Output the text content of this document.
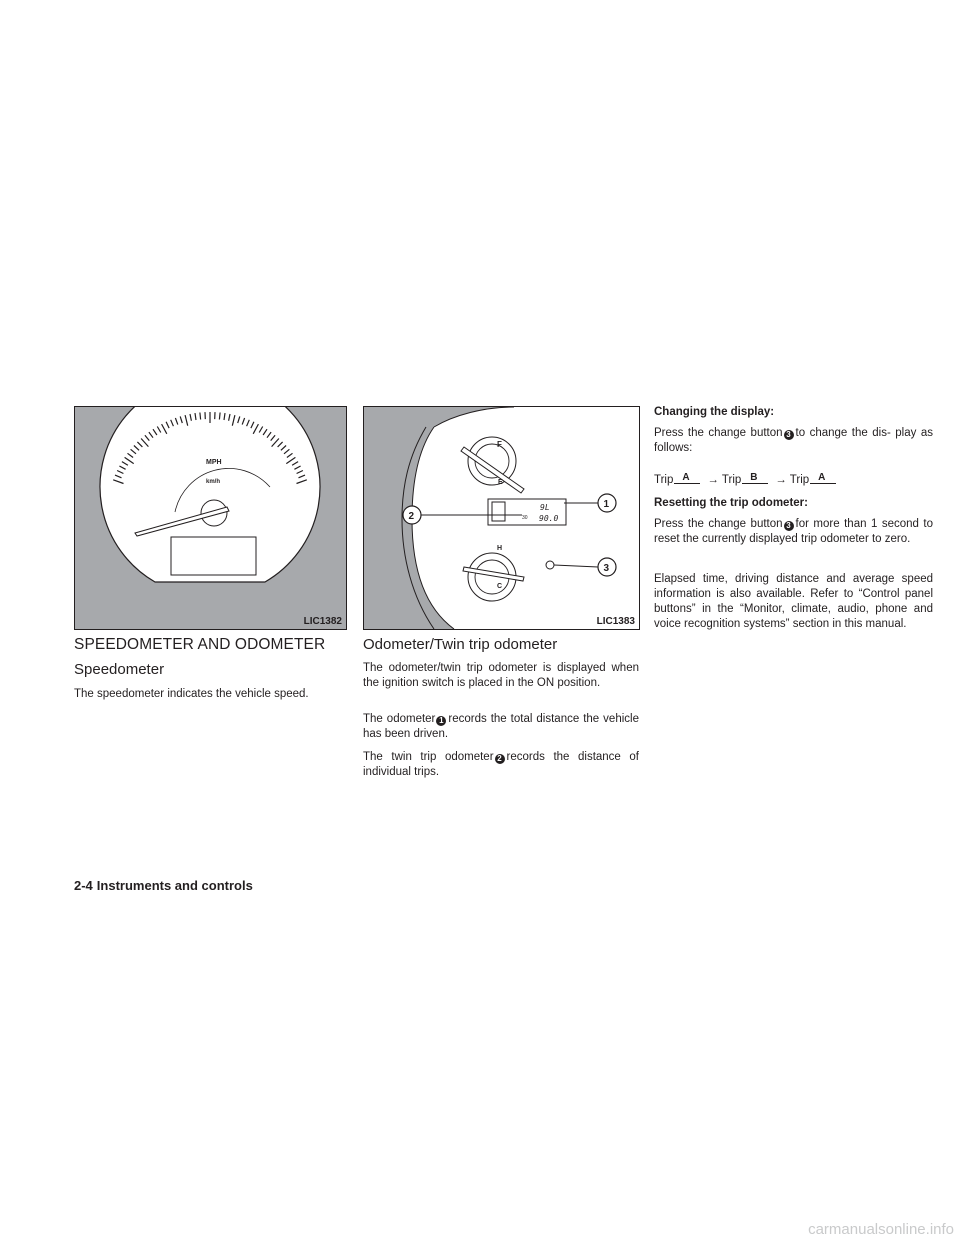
MPH
km/h
LIC1382
F
E
9L
90.0
30
H
C
2
1
3
LIC1383
SPEEDOMETER AND ODOMETER
Speedometer
The speedometer indicates the vehicle speed.
Odometer/Twin trip odometer
The odometer/twin trip odometer is displayed when the ignition switch is placed in the ON position.
The odometer 1 records the total distance the vehicle has been driven.
The twin trip odometer 2 records the distance of individual trips.
Changing the display:
Press the change button 3 to change the dis- play as follows:
Trip A → Trip B → Trip A
Resetting the trip odometer:
Press the change button 3 for more than 1 second to reset the currently displayed trip odometer to zero.
Elapsed time, driving distance and average speed information is also available. Refer to “Control panel buttons” in the “Monitor, climate, audio, phone and voice recognition systems” section in this manual.
2-4 Instruments and controls
carmanualsonline.info
